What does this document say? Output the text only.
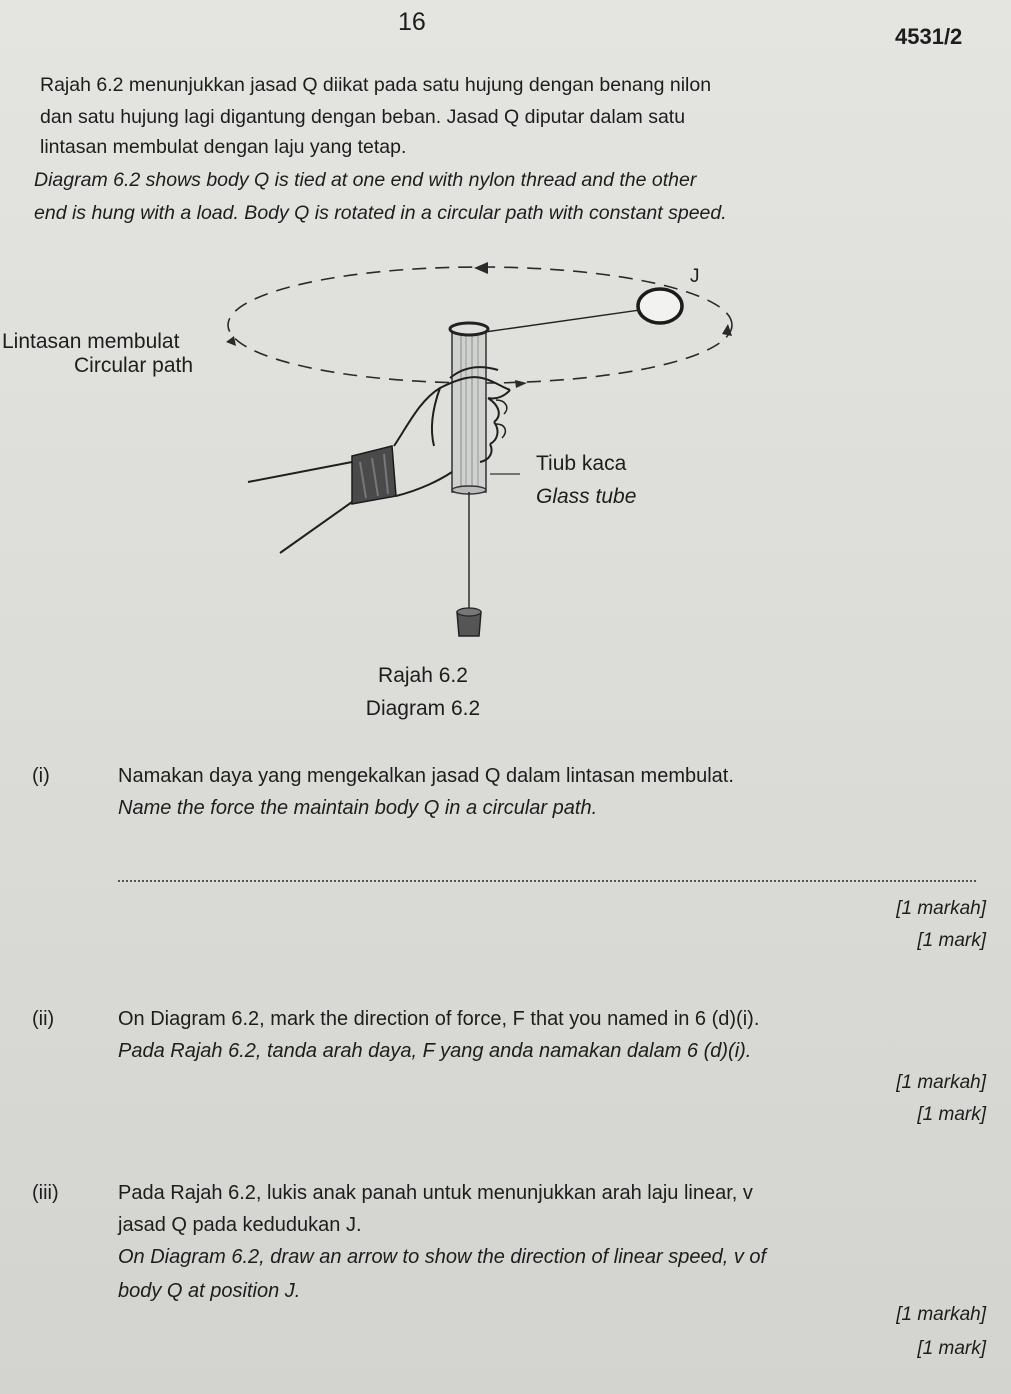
16
4531/2

Rajah 6.2 menunjukkan jasad Q diikat pada satu hujung dengan benang nilon

dan satu hujung lagi digantung dengan beban. Jasad Q diputar dalam satu

lintasan membulat dengan laju yang tetap.

Diagram 6.2 shows body Q is tied at one end with nylon thread and the other

end is hung with a load. Body Q is rotated in a circular path with constant speed.

Lintasan membulat
Circular path
J
Tiub kaca
Glass tube
Rajah 6.2
Diagram 6.2
(i)	Namakan daya yang mengekalkan jasad Q dalam lintasan membulat.
Name the force the maintain body Q in a circular path.
[1 markah]
[1 mark]
(ii)	On Diagram 6.2, mark the direction of force, F that you named in 6 (d)(i).
Pada Rajah 6.2, tanda arah daya, F yang anda namakan dalam 6 (d)(i).
[1 markah]
[1 mark]
(iii)	Pada Rajah 6.2, lukis anak panah untuk menunjukkan arah laju linear, v
jasad Q pada kedudukan J.
On Diagram 6.2, draw an arrow to show the direction of linear speed, v of
body Q at position J.
[1 markah]
[1 mark]
